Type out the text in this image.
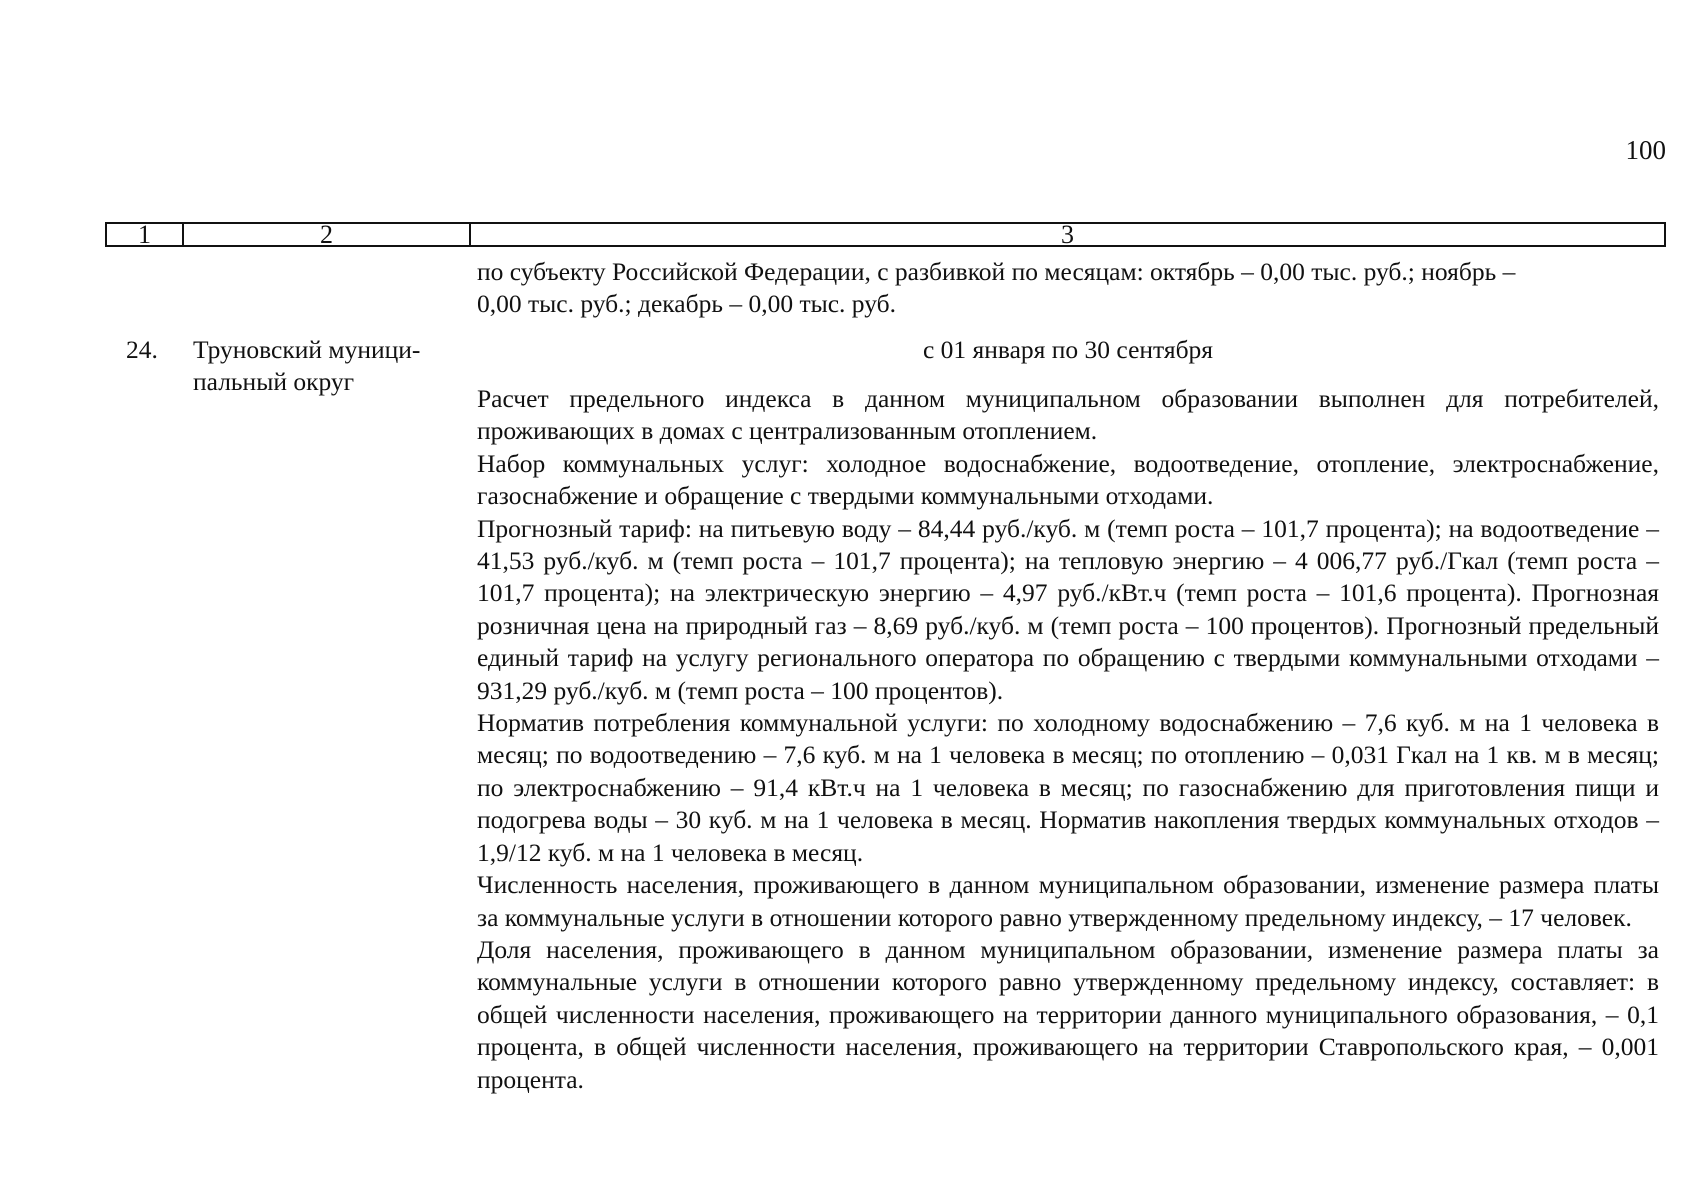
100
1	2	3

по субъекту Российской Федерации, с разбивкой по месяцам: октябрь – 0,00 тыс. руб.; ноябрь –

0,00 тыс. руб.; декабрь – 0,00 тыс. руб.

24. Труновский муници-
пальный округ
с 01 января по 30 сентября

Расчет предельного индекса в данном муниципальном образовании выполнен для потребителей, проживающих в домах с централизованным отоплением.

Набор коммунальных услуг: холодное водоснабжение, водоотведение, отопление, электроснабжение, газоснабжение и обращение с твердыми коммунальными отходами.

Прогнозный тариф: на питьевую воду – 84,44 руб./куб. м (темп роста – 101,7 процента); на водоотведение – 41,53 руб./куб. м (темп роста – 101,7 процента); на тепловую энергию – 4 006,77 руб./Гкал (темп роста – 101,7 процента); на электрическую энергию – 4,97 руб./кВт.ч (темп роста – 101,6 процента). Прогнозная розничная цена на природный газ – 8,69 руб./куб. м (темп роста – 100 процентов). Прогнозный предельный единый тариф на услугу регионального оператора по обращению с твердыми коммунальными отходами – 931,29 руб./куб. м (темп роста – 100 процентов).

Норматив потребления коммунальной услуги: по холодному водоснабжению – 7,6 куб. м на 1 человека в месяц; по водоотведению – 7,6 куб. м на 1 человека в месяц; по отоплению – 0,031 Гкал на 1 кв. м в месяц; по электроснабжению – 91,4 кВт.ч на 1 человека в месяц; по газоснабжению для приготовления пищи и подогрева воды – 30 куб. м на 1 человека в месяц. Норматив накопления твердых коммунальных отходов – 1,9/12 куб. м на 1 человека в месяц.

Численность населения, проживающего в данном муниципальном образовании, изменение размера платы за коммунальные услуги в отношении которого равно утвержденному предельному индексу, – 17 человек.

Доля населения, проживающего в данном муниципальном образовании, изменение размера платы за коммунальные услуги в отношении которого равно утвержденному предельному индексу, составляет: в общей численности населения, проживающего на территории данного муниципального образования, – 0,1 процента, в общей численности населения, проживающего на территории Ставропольского края, – 0,001 процента.
